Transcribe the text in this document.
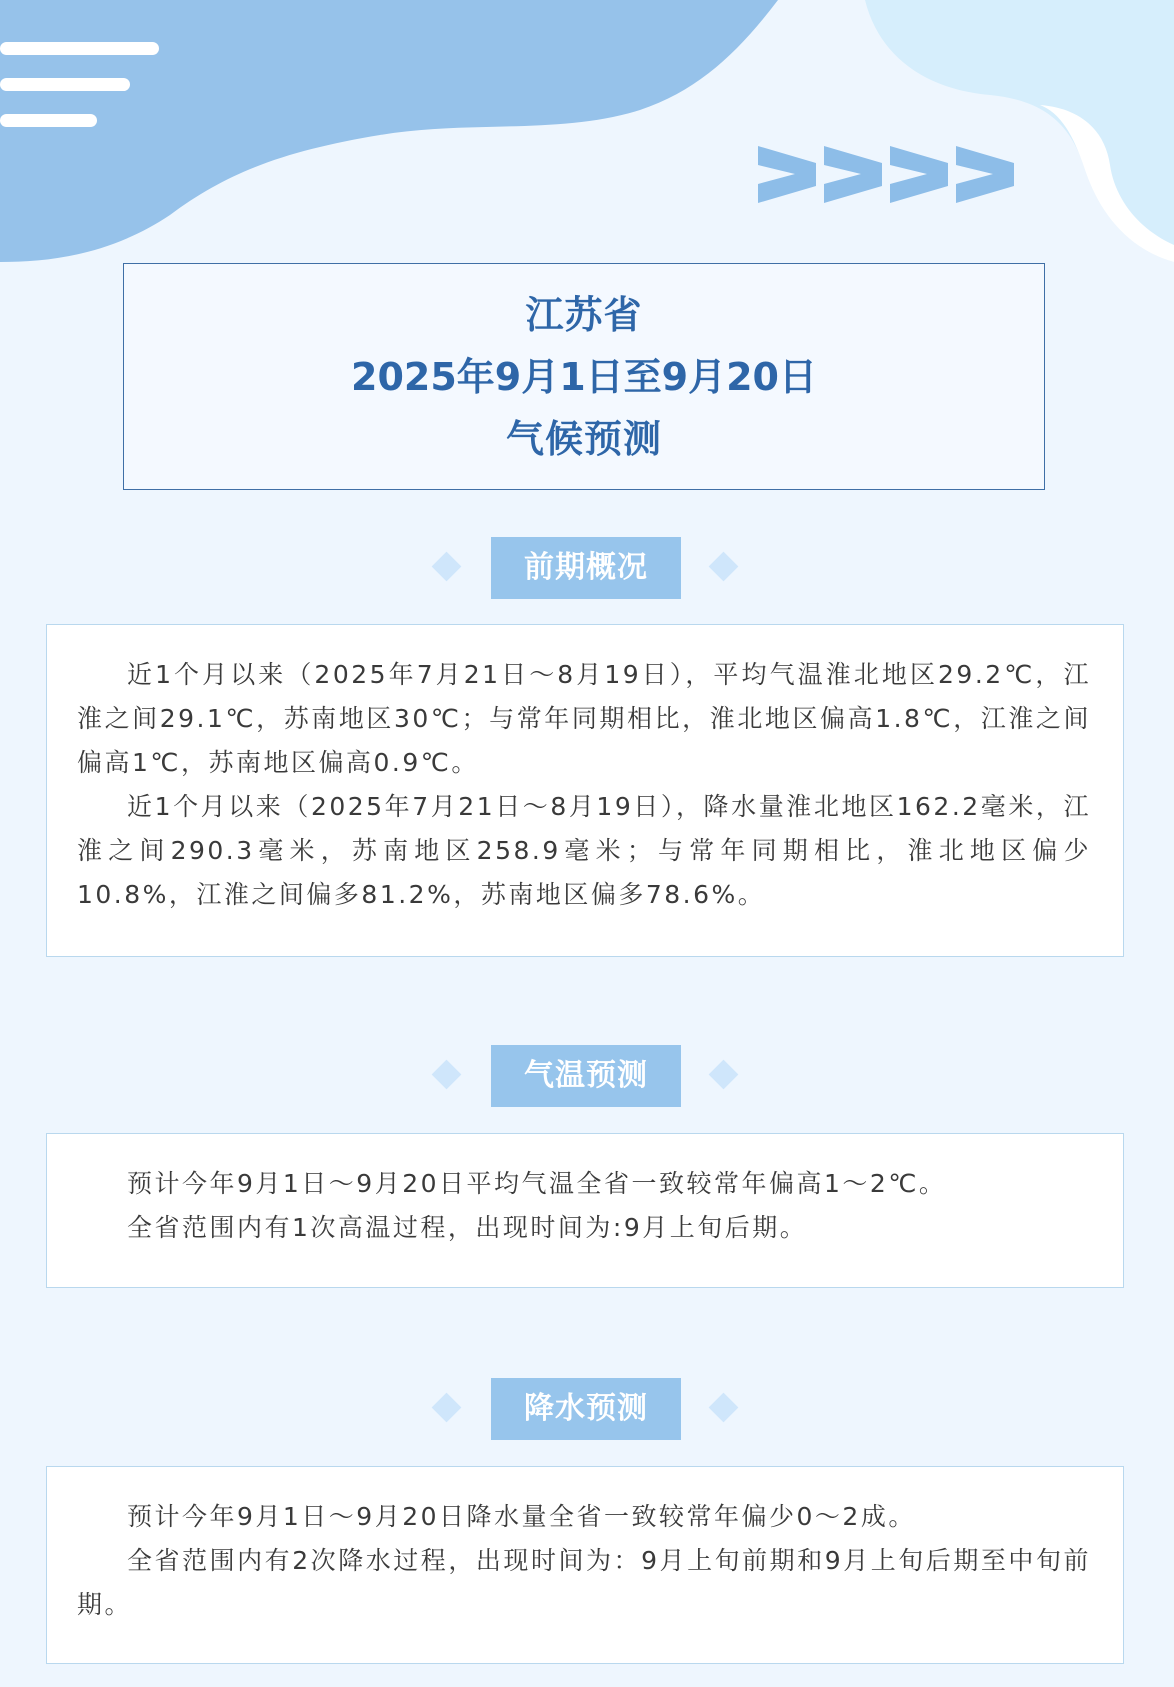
江苏省
2025年9月1日至9月20日
气候预测
前期概况

近1个月以来（2025年7月21日～8月19日），平均气温淮北地区29.2℃，江淮之间29.1℃，苏南地区30℃；与常年同期相比，淮北地区偏高1.8℃，江淮之间偏高1℃，苏南地区偏高0.9℃。

近1个月以来（2025年7月21日～8月19日），降水量淮北地区162.2毫米，江淮之间290.3毫米，苏南地区258.9毫米；与常年同期相比，淮北地区偏少10.8%，江淮之间偏多81.2%，苏南地区偏多78.6%。

气温预测

预计今年9月1日～9月20日平均气温全省一致较常年偏高1～2℃。

全省范围内有1次高温过程，出现时间为:9月上旬后期。

降水预测

预计今年9月1日～9月20日降水量全省一致较常年偏少0～2成。

全省范围内有2次降水过程，出现时间为：9月上旬前期和9月上旬后期至中旬前期。
